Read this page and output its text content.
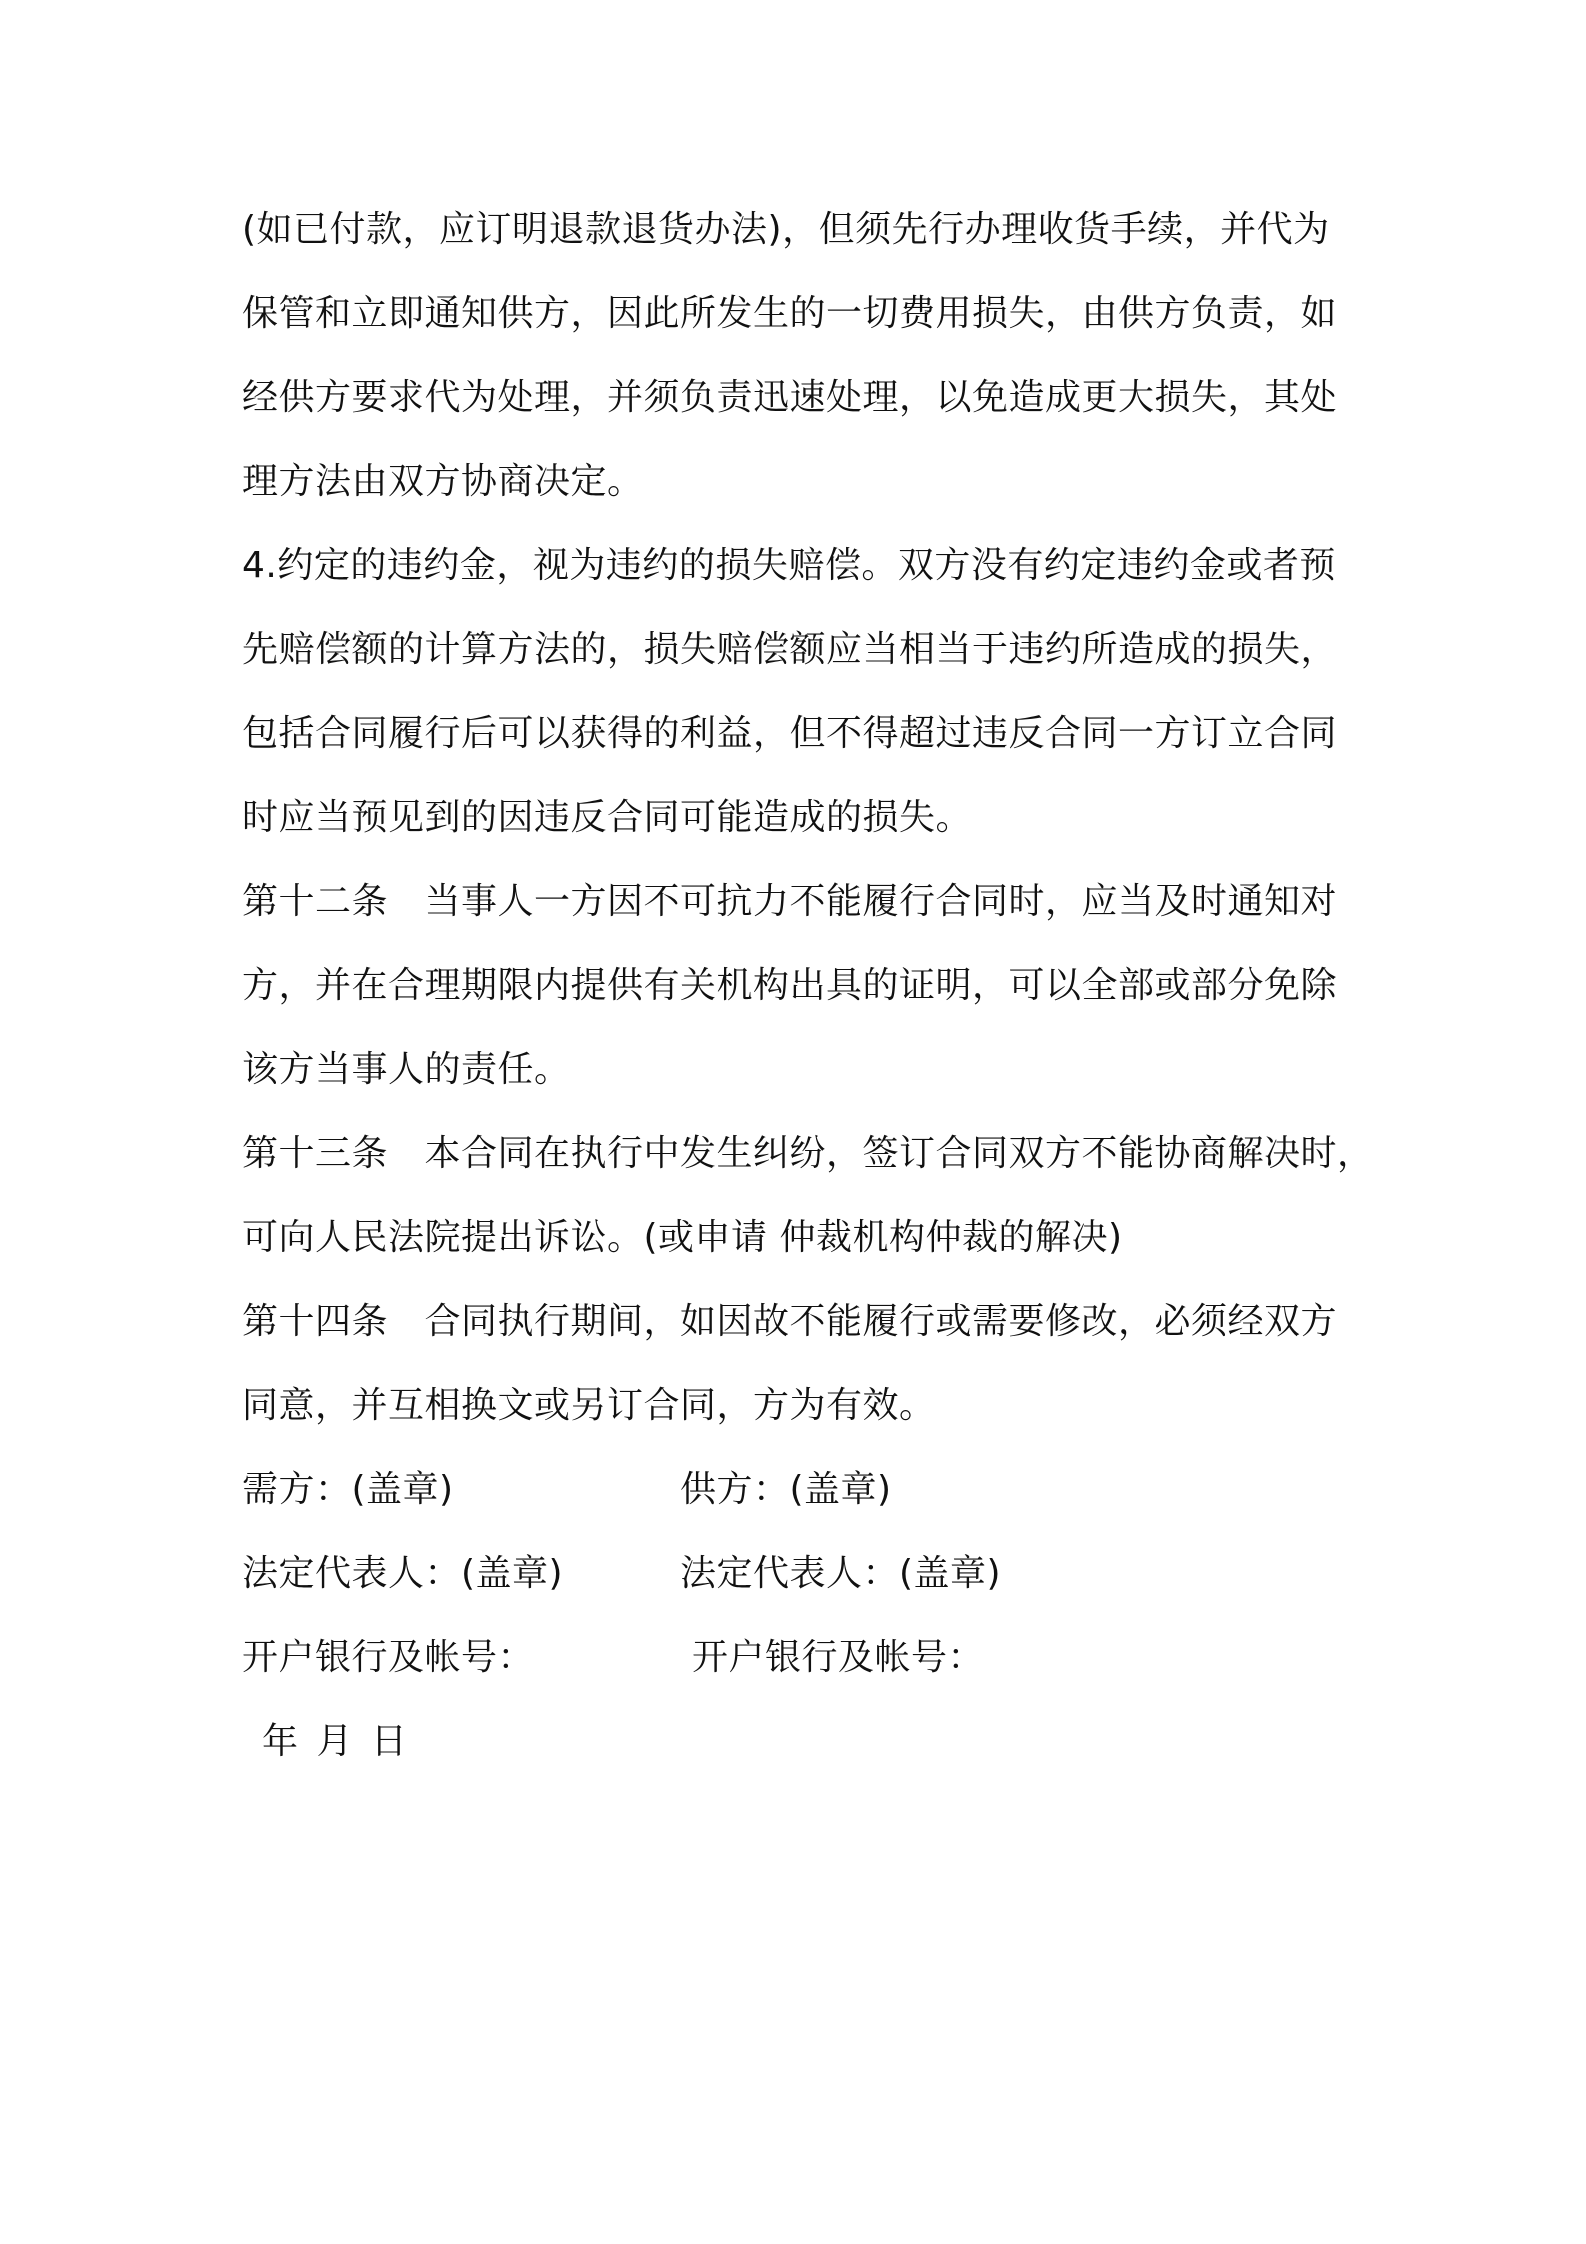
(如已付款，应订明退款退货办法)，但须先行办理收货手续，并代为
保管和立即通知供方，因此所发生的一切费用损失，由供方负责，如
经供方要求代为处理，并须负责迅速处理，以免造成更大损失，其处
理方法由双方协商决定。
4.约定的违约金，视为违约的损失赔偿。双方没有约定违约金或者预
先赔偿额的计算方法的，损失赔偿额应当相当于违约所造成的损失，
包括合同履行后可以获得的利益，但不得超过违反合同一方订立合同
时应当预见到的因违反合同可能造成的损失。
第十二条　当事人一方因不可抗力不能履行合同时，应当及时通知对
方，并在合理期限内提供有关机构出具的证明，可以全部或部分免除
该方当事人的责任。
第十三条　本合同在执行中发生纠纷，签订合同双方不能协商解决时，
可向人民法院提出诉讼。(或申请 仲裁机构仲裁的解决)
第十四条　合同执行期间，如因故不能履行或需要修改，必须经双方
同意，并互相换文或另订合同，方为有效。
需方：(盖章)	供方：(盖章)
法定代表人：(盖章)	法定代表人：(盖章)
开户银行及帐号：	开户银行及帐号：
年 月 日
